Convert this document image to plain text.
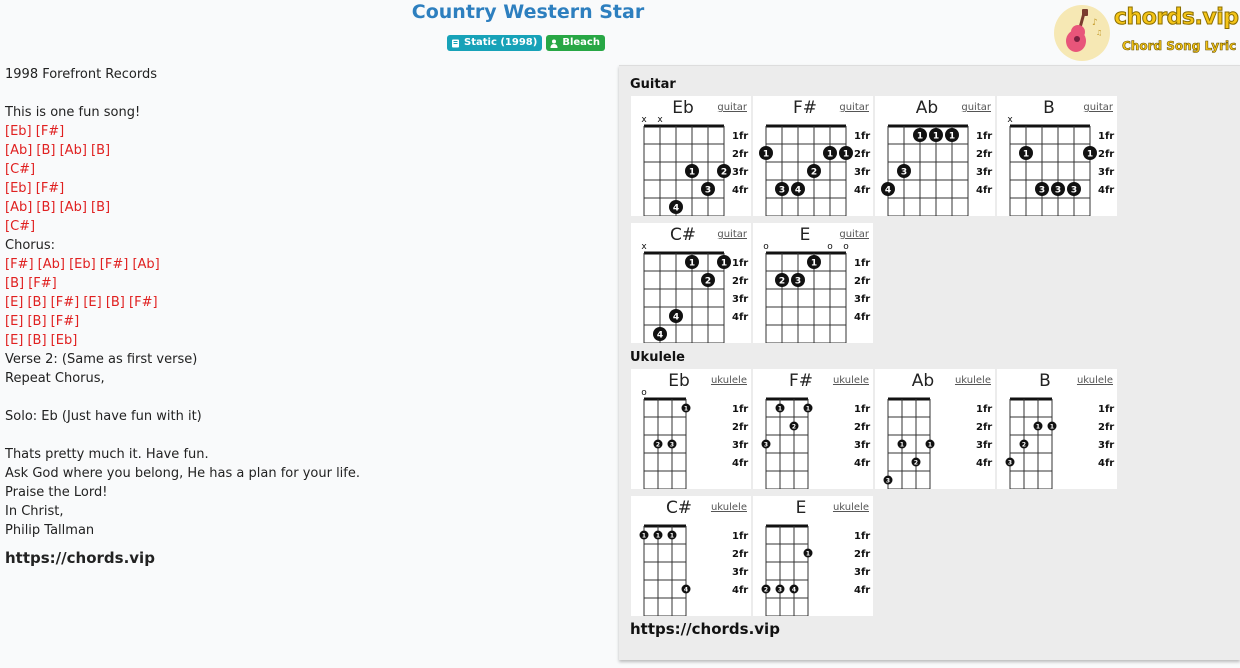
Country Western Star
Static (1998)	Bleach
♪
♫
chords.vip
Chord Song Lyric
1998 Forefront Records
This is one fun song!
[Eb] [F#]
[Ab] [B] [Ab] [B]
[C#]
[Eb] [F#]
[Ab] [B] [Ab] [B]
[C#]
Chorus:
[F#] [Ab] [Eb] [F#] [Ab]
[B] [F#]
[E] [B] [F#] [E] [B] [F#]
[E] [B] [F#]
[E] [B] [Eb]
Verse 2: (Same as first verse)
Repeat Chorus,
Solo: Eb (Just have fun with it)
Thats pretty much it. Have fun.
Ask God where you belong, He has a plan for your life.
Praise the Lord!
In Christ,
Philip Tallman
https://chords.vip
Guitar
1fr
2fr
3fr
4fr
x x
4
1
3
2
Eb	guitar
1fr
2fr
3fr
4fr
1
3 4
2
1 1
F#	guitar
1fr
2fr
3fr
4fr
4
3
1 1 1
Ab	guitar
1fr
2fr
3fr
4fr
x
1
3 3 3
1
B	guitar
1fr
2fr
3fr
4fr
x
4
4
1
2
1
C#	guitar
1fr
2fr
3fr
4fr
o	o o
2 3
1
E	guitar
Ukulele
1fr
2fr
3fr
4fr
o
2 3
1
Eb	ukulele
1fr
2fr
3fr
4fr
3
1
2
1
F#	ukulele
1fr
2fr
3fr
4fr
3
1
2
1
Ab	ukulele
1fr
2fr
3fr
4fr
3
2
1 1
B	ukulele
1fr
2fr
3fr
4fr
1 1 1
4
C#	ukulele
1fr
2fr
3fr
4fr
2 3 4
1
E	ukulele
https://chords.vip
